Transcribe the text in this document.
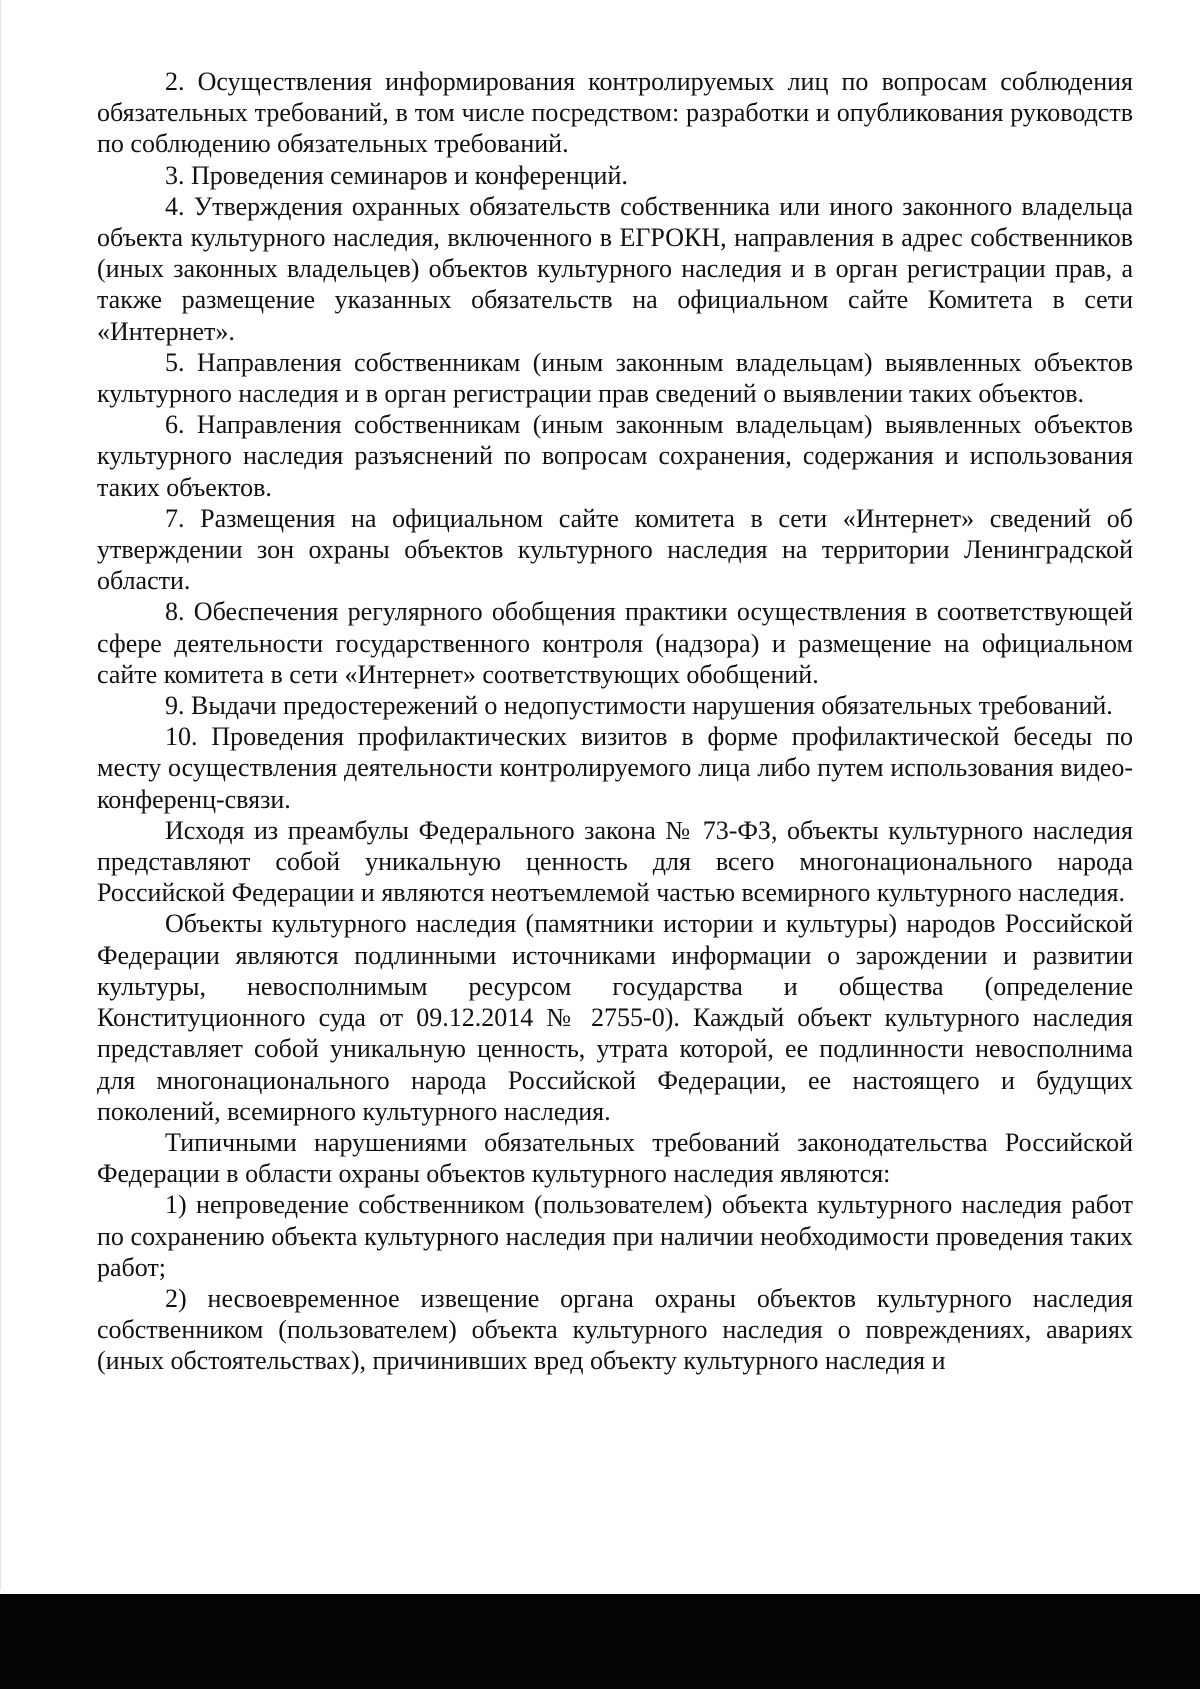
2. Осуществления информирования контролируемых лиц по вопросам соблюдения обязательных требований, в том числе посредством: разработки и опубликования руководств по соблюдению обязательных требований.

3. Проведения семинаров и конференций.

4. Утверждения охранных обязательств собственника или иного законного владельца объекта культурного наследия, включенного в ЕГРОКН, направления в адрес собственников (иных законных владельцев) объектов культурного наследия и в орган регистрации прав, а также размещение указанных обязательств на официальном сайте Комитета в сети «Интернет».

5. Направления собственникам (иным законным владельцам) выявленных объектов культурного наследия и в орган регистрации прав сведений о выявлении таких объектов.

6. Направления собственникам (иным законным владельцам) выявленных объектов культурного наследия разъяснений по вопросам сохранения, содержания и использования таких объектов.

7. Размещения на официальном сайте комитета в сети «Интернет» сведений об утверждении зон охраны объектов культурного наследия на территории Ленинградской области.

8. Обеспечения регулярного обобщения практики осуществления в соответствующей сфере деятельности государственного контроля (надзора) и размещение на официальном сайте комитета в сети «Интернет» соответствующих обобщений.

9. Выдачи предостережений о недопустимости нарушения обязательных требований.

10. Проведения профилактических визитов в форме профилактической беседы по месту осуществления деятельности контролируемого лица либо путем использования видео-конференц-связи.

Исходя из преамбулы Федерального закона № 73-ФЗ, объекты культурного наследия представляют собой уникальную ценность для всего многонационального народа Российской Федерации и являются неотъемлемой частью всемирного культурного наследия.

Объекты культурного наследия (памятники истории и культуры) народов Российской Федерации являются подлинными источниками информации о зарождении и развитии культуры, невосполнимым ресурсом государства и общества (определение Конституционного суда от 09.12.2014 № 2755-0). Каждый объект культурного наследия представляет собой уникальную ценность, утрата которой, ее подлинности невосполнима для многонационального народа Российской Федерации, ее настоящего и будущих поколений, всемирного культурного наследия.

Типичными нарушениями обязательных требований законодательства Российской Федерации в области охраны объектов культурного наследия являются:

1) непроведение собственником (пользователем) объекта культурного наследия работ по сохранению объекта культурного наследия при наличии необходимости проведения таких работ;

2) несвоевременное извещение органа охраны объектов культурного наследия собственником (пользователем) объекта культурного наследия о повреждениях, авариях (иных обстоятельствах), причинивших вред объекту культурного наследия и
